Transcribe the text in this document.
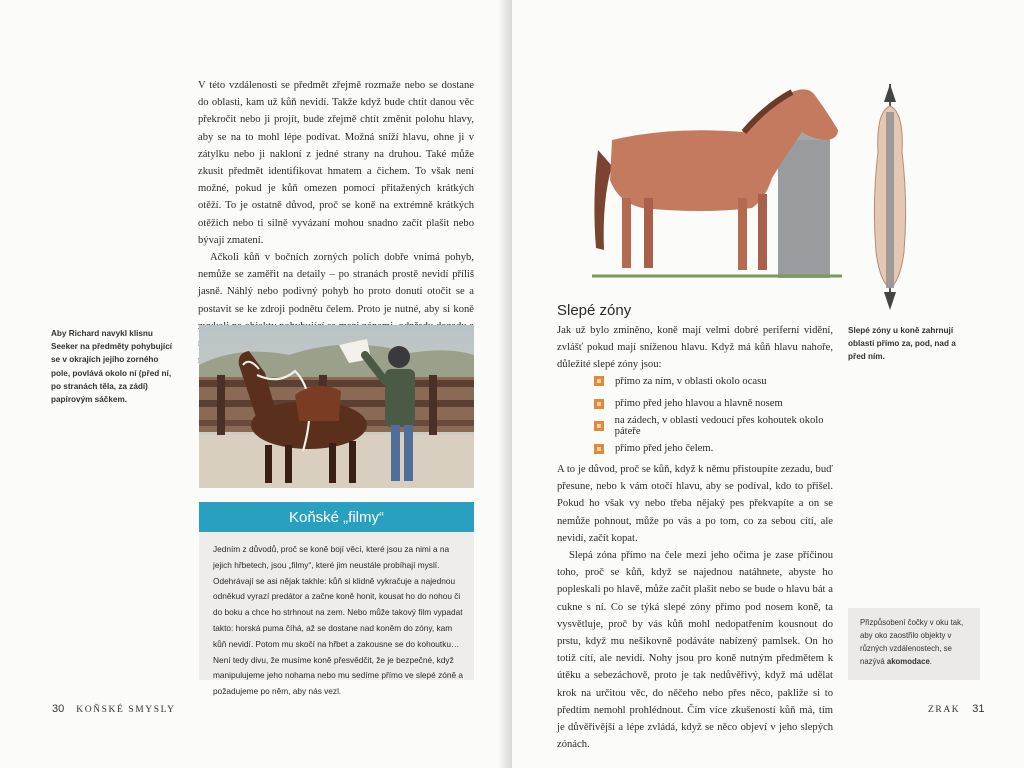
V této vzdálenosti se předmět zřejmě rozmaže nebo se dostane do oblasti, kam už kůň nevidí. Takže když bude chtít danou věc překročit nebo ji projít, bude zřejmě chtít změnit polohu hlavy, aby se na to mohl lépe podívat. Možná sníží hlavu, ohne ji v zátylku nebo ji nakloní z jedné strany na druhou. Také může zkusit předmět identifikovat hmatem a čichem. To však není možné, pokud je kůň omezen pomocí přitažených krátkých otěží. To je ostatně důvod, proč se koně na extrémně krátkých otěžích nebo ti silně vyvázaní mohou snadno začít plašit nebo bývají zmatení.

Ačkoli kůň v bočních zorných polích dobře vnímá pohyb, nemůže se zaměřit na detaily – po stranách prostě nevidí příliš jasně. Náhlý nebo podivný pohyb ho proto donutí otočit se a postavit se ke zdroji podnětu čelem. Proto je nutné, aby si koně

Aby Richard navykl klisnu Seeker na předměty pohybující se v okrajích jejího zorného pole, povlává okolo ní (před ní, po stranách těla, za zádí) papírovým sáčkem.
Koňské „filmy“

Jedním z důvodů, proč se koně bojí věcí, které jsou za nimi a na jejich hřbetech, jsou „filmy“, které jim neustále probíhají myslí. Odehrávají se asi nějak takhle: kůň si klidně vykračuje a najednou odněkud vyrazí predátor a začne koně honit, kousat ho do nohou či do boku a chce ho strhnout na zem. Nebo může takový film vypadat takto: horská puma číhá, až se dostane nad koněm do zóny, kam kůň nevidí. Potom mu skočí na hřbet a zakousne se do kohoutku… Není tedy divu, že musíme koně přesvědčit, že je bezpečné, když manipulujeme jeho nohama nebo mu sedíme přímo ve slepé zóně a požadujeme po něm, aby nás vezl.

30 KOŇSKÉ SMYSLY
Slepé zóny u koně zahrnují oblasti přímo za, pod, nad a před ním.
Slepé zóny

Jak už bylo zmíněno, koně mají velmi dobré periferní vidění, zvlášť pokud mají sníženou hlavu. Když má kůň hlavu nahoře, důležité slepé zóny jsou:

přímo za ním, v oblasti okolo ocasu
přímo před jeho hlavou a hlavně nosem
na zádech, v oblasti vedoucí přes kohoutek okolo páteře
přímo před jeho čelem.

A to je důvod, proč se kůň, když k němu přistoupíte zezadu, buď přesune, nebo k vám otočí hlavu, aby se podíval, kdo to přišel. Pokud ho však vy nebo třeba nějaký pes překvapíte a on se nemůže pohnout, může po vás a po tom, co za sebou cítí, ale nevidí, začít kopat.

Slepá zóna přímo na čele mezi jeho očima je zase příčinou toho, proč se kůň, když se najednou natáhnete, abyste ho popleskali po hlavě, může začít plašit nebo se bude o hlavu bát a cukne s ní. Co se týká slepé zóny přímo pod nosem koně, ta vysvětluje, proč by vás kůň mohl nedopatřením kousnout do prstu, když mu nešikovně podáváte nabízený pamlsek. On ho totiž cítí, ale nevidí. Nohy jsou pro koně nutným předmětem k útěku a sebezáchově, proto je tak nedůvěřivý, když má udělat krok na určitou věc, do něčeho nebo přes něco, pakliže si to předtím nemohl prohlédnout. Čím více zkušeností kůň má, tím je důvěřivější a lépe zvládá, když se něco objeví v jeho slepých zónách.

Přizpůsobení čočky v oku tak, aby oko zaostřilo objekty v různých vzdálenostech, se nazývá akomodace.
ZRAK 31
